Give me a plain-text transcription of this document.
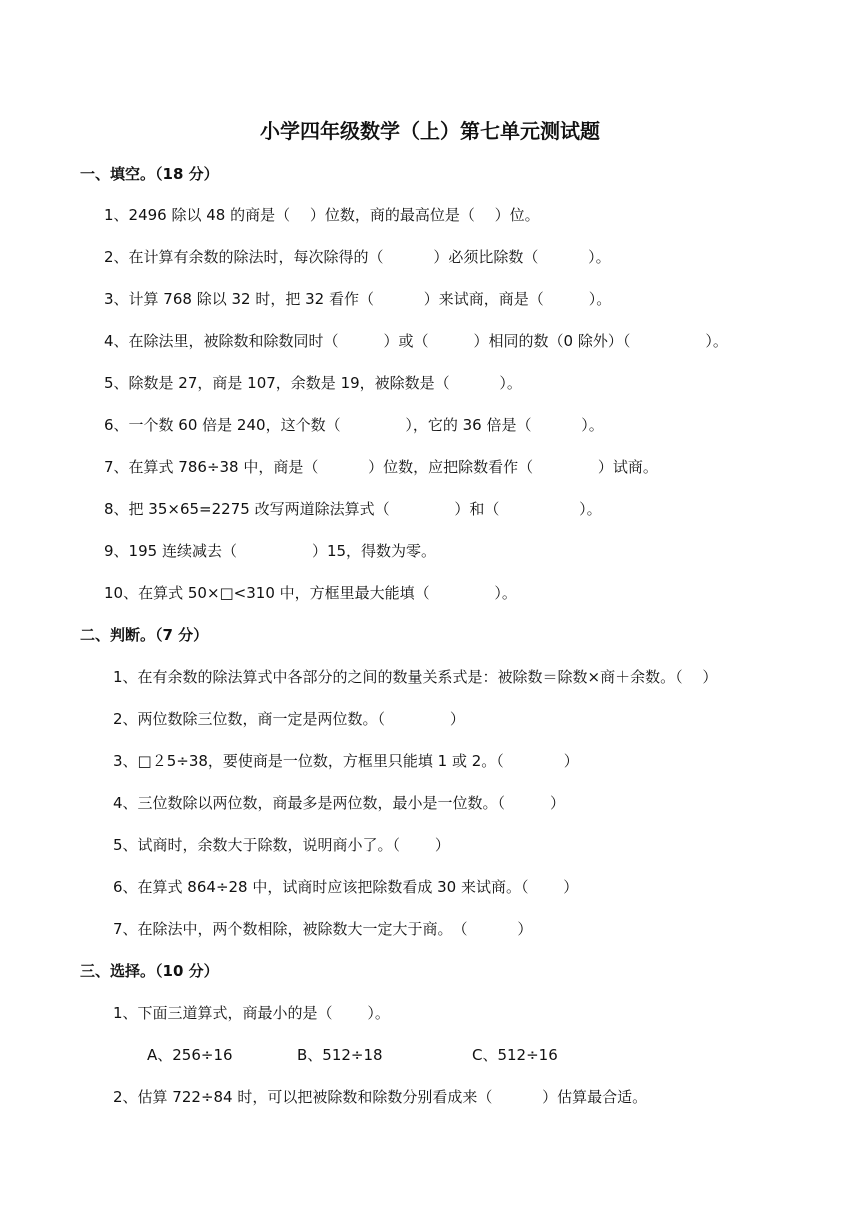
小学四年级数学（上）第七单元测试题
一、填空。（18 分）
1、2496 除以 48 的商是（　 ）位数，商的最高位是（　 ）位。
2、在计算有余数的除法时，每次除得的（　　　 ）必须比除数（　　　 ）。
3、计算 768 除以 32 时，把 32 看作（　　　 ）来试商，商是（　　　）。
4、在除法里，被除数和除数同时（　　　）或（　　　）相同的数（0 除外）（　　　　　）。
5、除数是 27，商是 107，余数是 19，被除数是（　　　 ）。
6、一个数 60 倍是 240，这个数（　　　　 ），它的 36 倍是（　　　 ）。
7、在算式 786÷38 中，商是（　　　 ）位数，应把除数看作（　　　　 ）试商。
8、把 35×65=2275 改写两道除法算式（　　　　 ）和（　　　　　 ）。
9、195 连续减去（　　　　　）15，得数为零。
10、在算式 50×□<310 中，方框里最大能填（　　　　 ）。
二、判断。（7 分）
1、在有余数的除法算式中各部分的之间的数量关系式是：被除数＝除数×商＋余数。（　 ）
2、两位数除三位数，商一定是两位数。（　　　　 ）
3、□２5÷38，要使商是一位数，方框里只能填 1 或 2。（　　　　）
4、三位数除以两位数，商最多是两位数，最小是一位数。（　　　）
5、试商时，余数大于除数，说明商小了。（　　 ）
6、在算式 864÷28 中，试商时应该把除数看成 30 来试商。（　　 ）
7、在除法中，两个数相除，被除数大一定大于商。　（　　　 ）
三、选择。（10 分）
1、下面三道算式，商最小的是（　　 ）。
A、256÷16	B、512÷18	C、512÷16
2、估算 722÷84 时，可以把被除数和除数分别看成来（　　　 ）估算最合适。
